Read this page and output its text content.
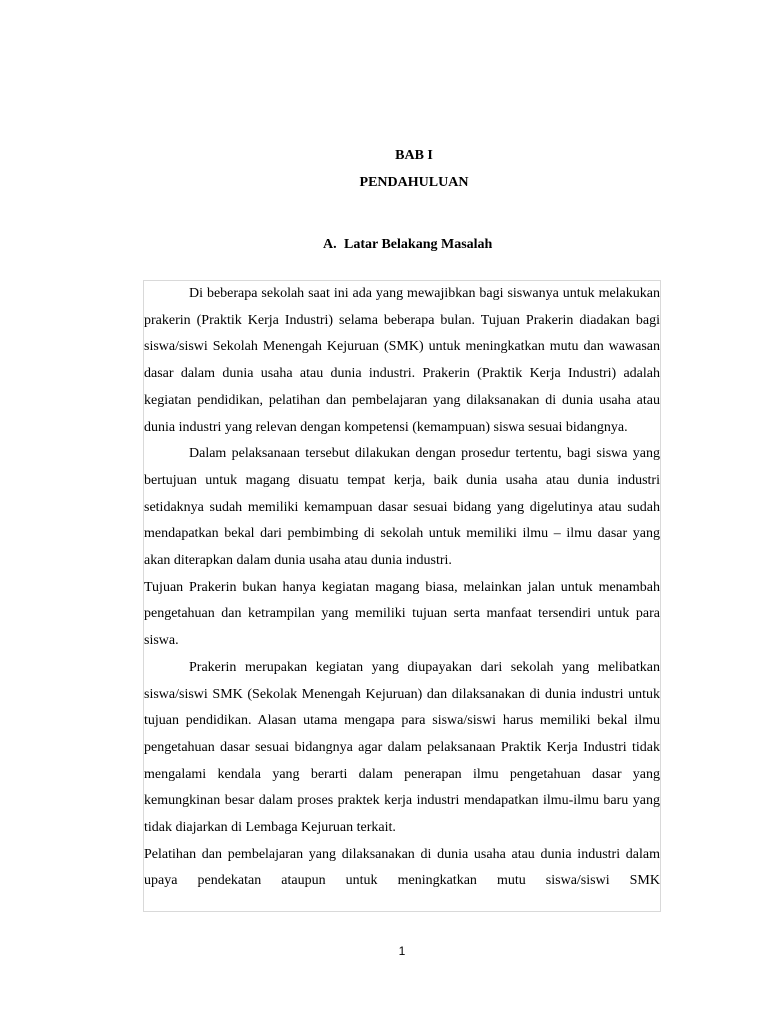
BAB I
PENDAHULUAN
A. Latar Belakang Masalah

Di beberapa sekolah saat ini ada yang mewajibkan bagi siswanya untuk melakukan prakerin (Praktik Kerja Industri) selama beberapa bulan. Tujuan Prakerin diadakan bagi siswa/siswi Sekolah Menengah Kejuruan (SMK) untuk meningkatkan mutu dan wawasan dasar dalam dunia usaha atau dunia industri. Prakerin (Praktik Kerja Industri) adalah kegiatan pendidikan, pelatihan dan pembelajaran yang dilaksanakan di dunia usaha atau dunia industri yang relevan dengan kompetensi (kemampuan) siswa sesuai bidangnya.

Dalam pelaksanaan tersebut dilakukan dengan prosedur tertentu, bagi siswa yang bertujuan untuk magang disuatu tempat kerja, baik dunia usaha atau dunia industri setidaknya sudah memiliki kemampuan dasar sesuai bidang yang digelutinya atau sudah mendapatkan bekal dari pembimbing di sekolah untuk memiliki ilmu – ilmu dasar yang akan diterapkan dalam dunia usaha atau dunia industri.

Tujuan Prakerin bukan hanya kegiatan magang biasa, melainkan jalan untuk menambah pengetahuan dan ketrampilan yang memiliki tujuan serta manfaat tersendiri untuk para siswa.

Prakerin merupakan kegiatan yang diupayakan dari sekolah yang melibatkan siswa/siswi SMK (Sekolak Menengah Kejuruan) dan dilaksanakan di dunia industri untuk tujuan pendidikan. Alasan utama mengapa para siswa/siswi harus memiliki bekal ilmu pengetahuan dasar sesuai bidangnya agar dalam pelaksanaan Praktik Kerja Industri tidak mengalami kendala yang berarti dalam penerapan ilmu pengetahuan dasar yang kemungkinan besar dalam proses praktek kerja industri mendapatkan ilmu-ilmu baru yang tidak diajarkan di Lembaga Kejuruan terkait.

Pelatihan dan pembelajaran yang dilaksanakan di dunia usaha atau dunia industri dalam upaya pendekatan ataupun untuk meningkatkan mutu siswa/siswi SMK

1
